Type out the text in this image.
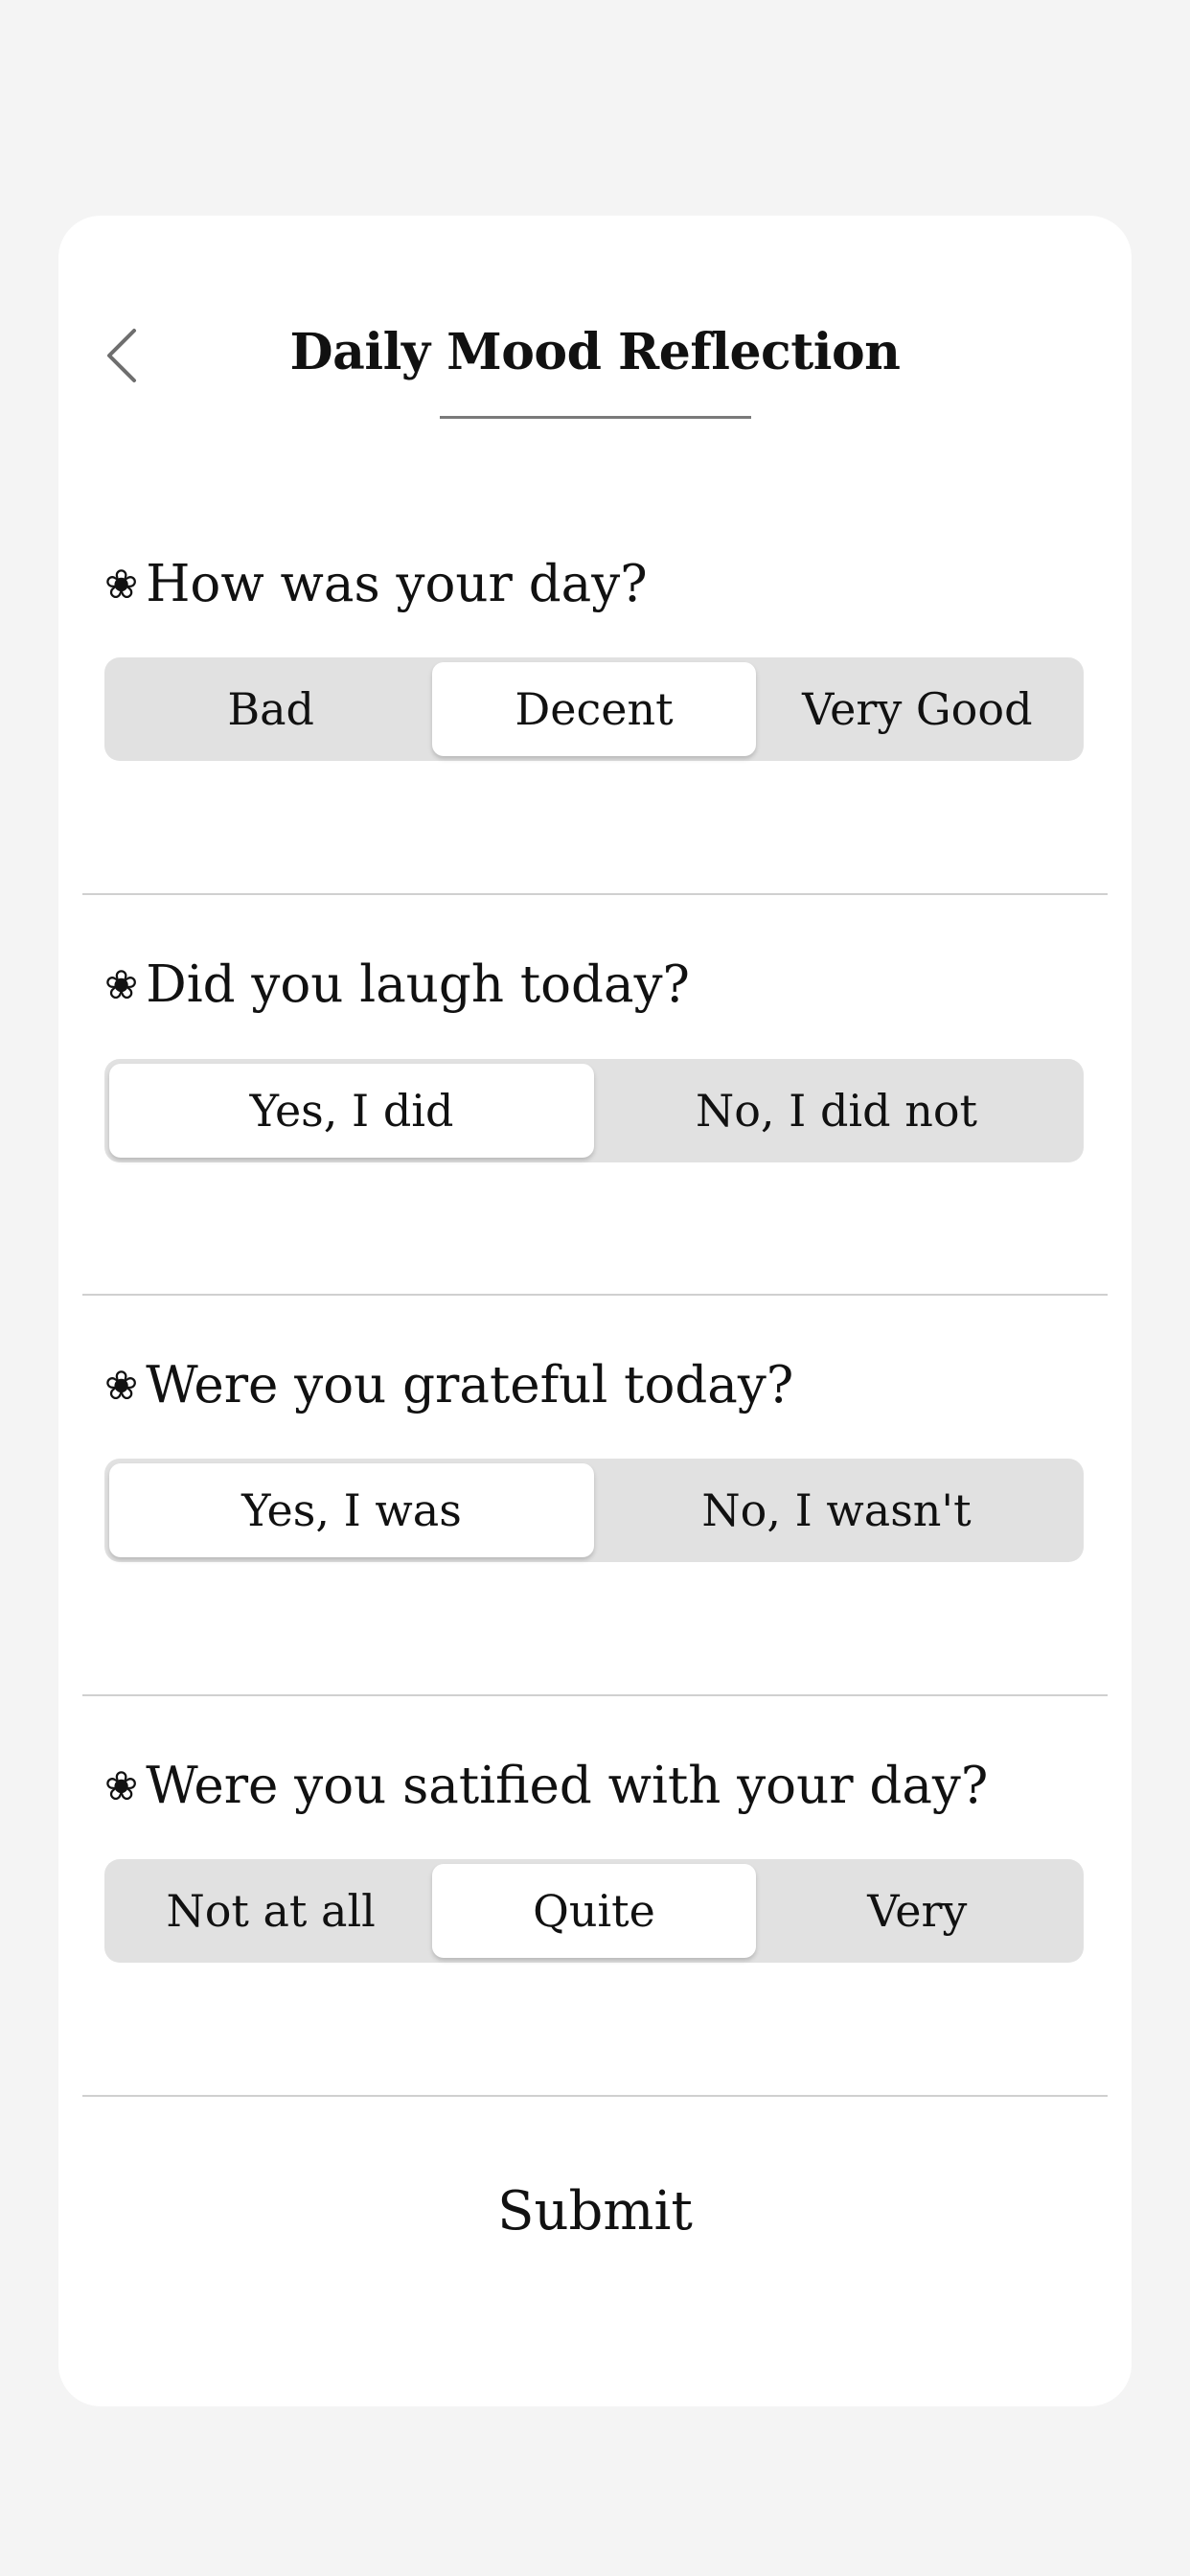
Daily Mood Reflection
❀ How was your day?
Bad	Decent	Very Good
❀ Did you laugh today?
Yes, I did	No, I did not
❀ Were you grateful today?
Yes, I was	No, I wasn't
❀ Were you satified with your day?
Not at all	Quite	Very
Submit
